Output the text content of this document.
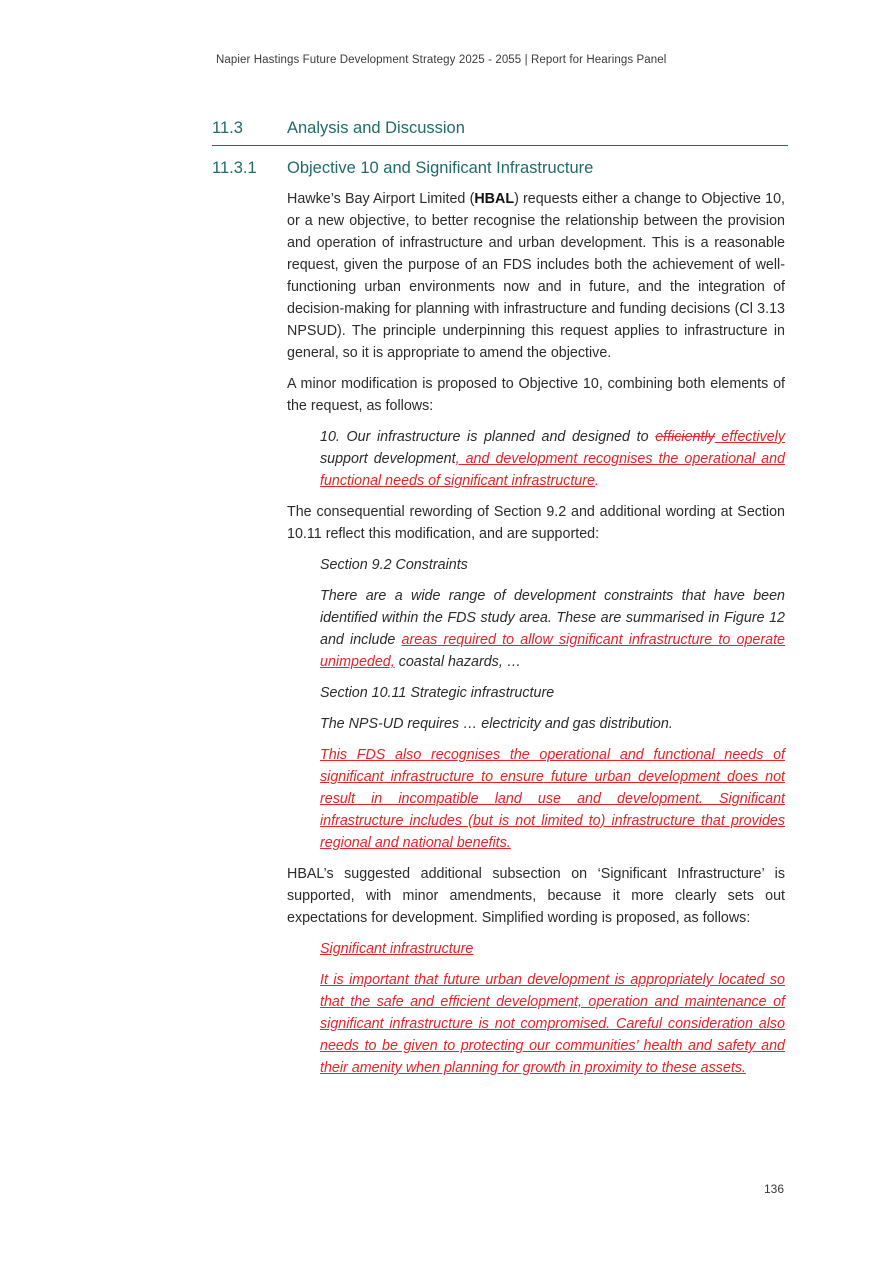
Napier Hastings Future Development Strategy 2025 - 2055 | Report for Hearings Panel
11.3	Analysis and Discussion
11.3.1 Objective 10 and Significant Infrastructure

Hawke’s Bay Airport Limited (HBAL) requests either a change to Objective 10, or a new objective, to better recognise the relationship between the provision and operation of infrastructure and urban development. This is a reasonable request, given the purpose of an FDS includes both the achievement of well-functioning urban environments now and in future, and the integration of decision-making for planning with infrastructure and funding decisions (Cl 3.13 NPSUD). The principle underpinning this request applies to infrastructure in general, so it is appropriate to amend the objective.

A minor modification is proposed to Objective 10, combining both elements of the request, as follows:

10. Our infrastructure is planned and designed to efficiently effectively support development, and development recognises the operational and functional needs of significant infrastructure.

The consequential rewording of Section 9.2 and additional wording at Section 10.11 reflect this modification, and are supported:

Section 9.2 Constraints

There are a wide range of development constraints that have been identified within the FDS study area. These are summarised in Figure 12 and include areas required to allow significant infrastructure to operate unimpeded, coastal hazards, …

Section 10.11 Strategic infrastructure

The NPS-UD requires … electricity and gas distribution.

This FDS also recognises the operational and functional needs of significant infrastructure to ensure future urban development does not result in incompatible land use and development. Significant infrastructure includes (but is not limited to) infrastructure that provides regional and national benefits.

HBAL’s suggested additional subsection on ‘Significant Infrastructure’ is supported, with minor amendments, because it more clearly sets out expectations for development. Simplified wording is proposed, as follows:

Significant infrastructure

It is important that future urban development is appropriately located so that the safe and efficient development, operation and maintenance of significant infrastructure is not compromised. Careful consideration also needs to be given to protecting our communities’ health and safety and their amenity when planning for growth in proximity to these assets.

136
